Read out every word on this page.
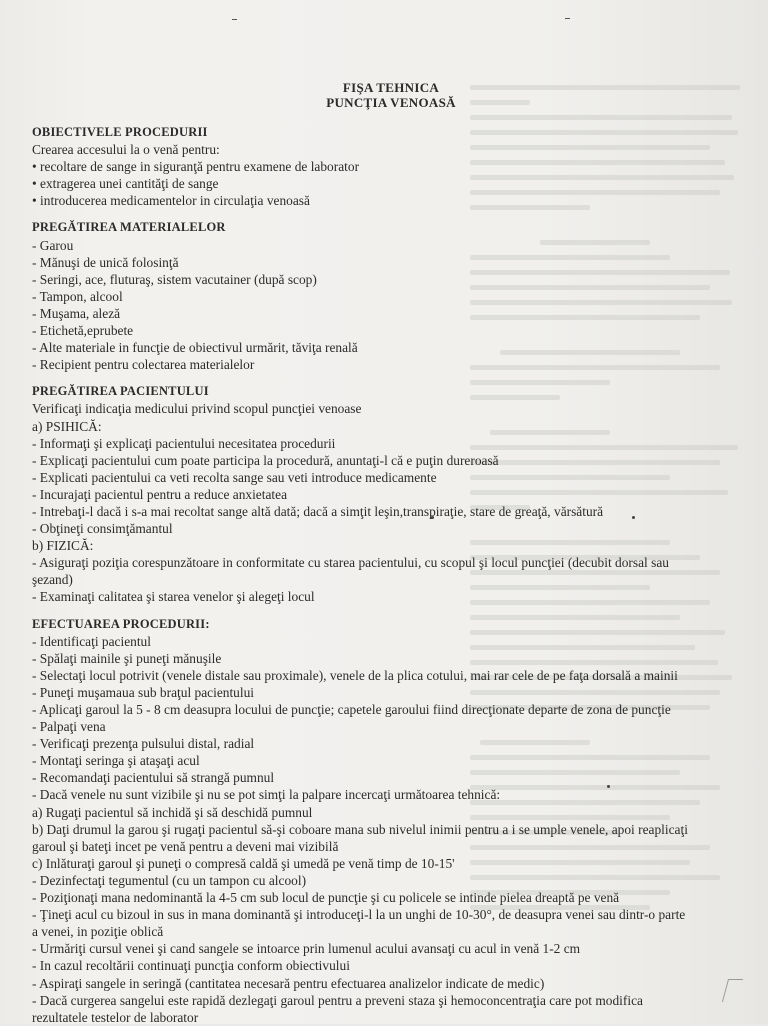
FIŞA TEHNICA
PUNCŢIA VENOASĂ
OBIECTIVELE PROCEDURII
Crearea accesului la o venă pentru:
• recoltare de sange in siguranţă pentru examene de laborator
• extragerea unei cantităţi de sange
• introducerea medicamentelor in circulaţia venoasă
PREGĂTIREA MATERIALELOR
- Garou
- Mănuşi de unică folosinţă
- Seringi, ace, fluturaş, sistem vacutainer (după scop)
- Tampon, alcool
- Muşama, aleză
- Etichetă,eprubete
- Alte materiale in funcţie de obiectivul urmărit, tăviţa renală
- Recipient pentru colectarea materialelor
PREGĂTIREA PACIENTULUI
Verificaţi indicaţia medicului privind scopul puncţiei venoase
a) PSIHICĂ:
- Informaţi şi explicaţi pacientului necesitatea procedurii
- Explicaţi pacientului cum poate participa la procedură, anuntaţi-l că e puţin dureroasă
- Explicati pacientului ca veti recolta sange sau veti introduce medicamente
- Incurajaţi pacientul pentru a reduce anxietatea
- Intrebaţi-l dacă i s-a mai recoltat sange altă dată; dacă a simţit leşin,transpiraţie, stare de greaţă, vărsătură
- Obţineţi consimţămantul
b) FIZICĂ:
- Asiguraţi poziţia corespunzătoare in conformitate cu starea pacientului, cu scopul şi locul puncţiei (decubit dorsal sau
şezand)
- Examinaţi calitatea şi starea venelor şi alegeţi locul
EFECTUAREA PROCEDURII:
- Identificaţi pacientul
- Spălaţi mainile şi puneţi mănuşile
- Selectaţi locul potrivit (venele distale sau proximale), venele de la plica cotului, mai rar cele de pe faţa dorsală a mainii
- Puneţi muşamaua sub braţul pacientului
- Aplicaţi garoul la 5 - 8 cm deasupra locului de puncţie; capetele garoului fiind direcţionate departe de zona de puncţie
- Palpaţi vena
- Verificaţi prezenţa pulsului distal, radial
- Montaţi seringa şi ataşaţi acul
- Recomandaţi pacientului să strangă pumnul
- Dacă venele nu sunt vizibile şi nu se pot simţi la palpare incercaţi următoarea tehnică:
a) Rugaţi pacientul să inchidă şi să deschidă pumnul
b) Daţi drumul la garou şi rugaţi pacientul să-şi coboare mana sub nivelul inimii pentru a i se umple venele, apoi reaplicaţi
garoul şi bateţi incet pe venă pentru a deveni mai vizibilă
c) Inlăturaţi garoul şi puneţi o compresă caldă şi umedă pe venă timp de 10-15'
- Dezinfectaţi tegumentul (cu un tampon cu alcool)
- Poziţionaţi mana nedominantă la 4-5 cm sub locul de puncţie şi cu policele se intinde pielea dreaptă pe venă
- Ţineţi acul cu bizoul in sus in mana dominantă şi introduceţi-l la un unghi de 10-30°, de deasupra venei sau dintr-o parte
a venei, in poziţie oblică
- Urmăriţi cursul venei şi cand sangele se intoarce prin lumenul acului avansaţi cu acul in venă 1-2 cm
- In cazul recoltării continuaţi puncţia conform obiectivului
- Aspiraţi sangele in seringă (cantitatea necesară pentru efectuarea analizelor indicate de medic)
- Dacă curgerea sangelui este rapidă dezlegaţi garoul pentru a preveni staza şi hemoconcentraţia care pot modifica
rezultatele testelor de laborator
